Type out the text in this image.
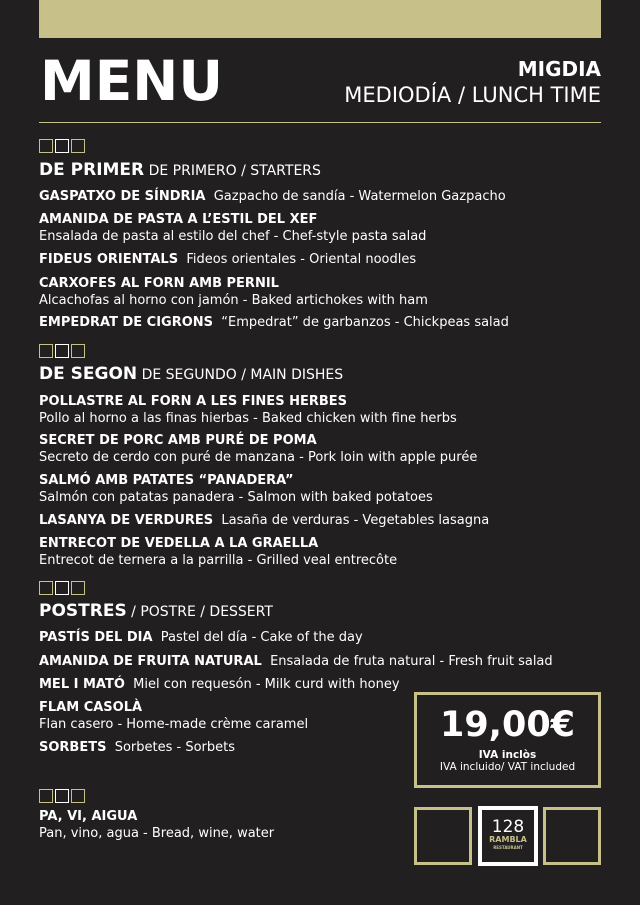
MENU	MIGDIA
MEDIODÍA / LUNCH TIME
DE PRIMER DE PRIMERO / STARTERS
GASPATXO DE SÍNDRIA Gazpacho de sandía - Watermelon Gazpacho
AMANIDA DE PASTA A L’ESTIL DEL XEF
Ensalada de pasta al estilo del chef - Chef-style pasta salad
FIDEUS ORIENTALS Fideos orientales - Oriental noodles
CARXOFES AL FORN AMB PERNIL
Alcachofas al horno con jamón - Baked artichokes with ham
EMPEDRAT DE CIGRONS “Empedrat” de garbanzos - Chickpeas salad
DE SEGON DE SEGUNDO / MAIN DISHES
POLLASTRE AL FORN A LES FINES HERBES
Pollo al horno a las finas hierbas - Baked chicken with fine herbs
SECRET DE PORC AMB PURÉ DE POMA
Secreto de cerdo con puré de manzana - Pork loin with apple purée
SALMÓ AMB PATATES “PANADERA”
Salmón con patatas panadera - Salmon with baked potatoes
LASANYA DE VERDURES Lasaña de verduras - Vegetables lasagna
ENTRECOT DE VEDELLA A LA GRAELLA
Entrecot de ternera a la parrilla - Grilled veal entrecôte
POSTRES / POSTRE / DESSERT
PASTÍS DEL DIA Pastel del día - Cake of the day
AMANIDA DE FRUITA NATURAL Ensalada de fruta natural - Fresh fruit salad
MEL I MATÓ Miel con requesón - Milk curd with honey
FLAM CASOLÀ
Flan casero - Home-made crème caramel
SORBETS Sorbetes - Sorbets
PA, VI, AIGUA
Pan, vino, agua - Bread, wine, water
19,00€
IVA inclòs
IVA incluido/ VAT included
128
RAMBLA
RESTAURANT
